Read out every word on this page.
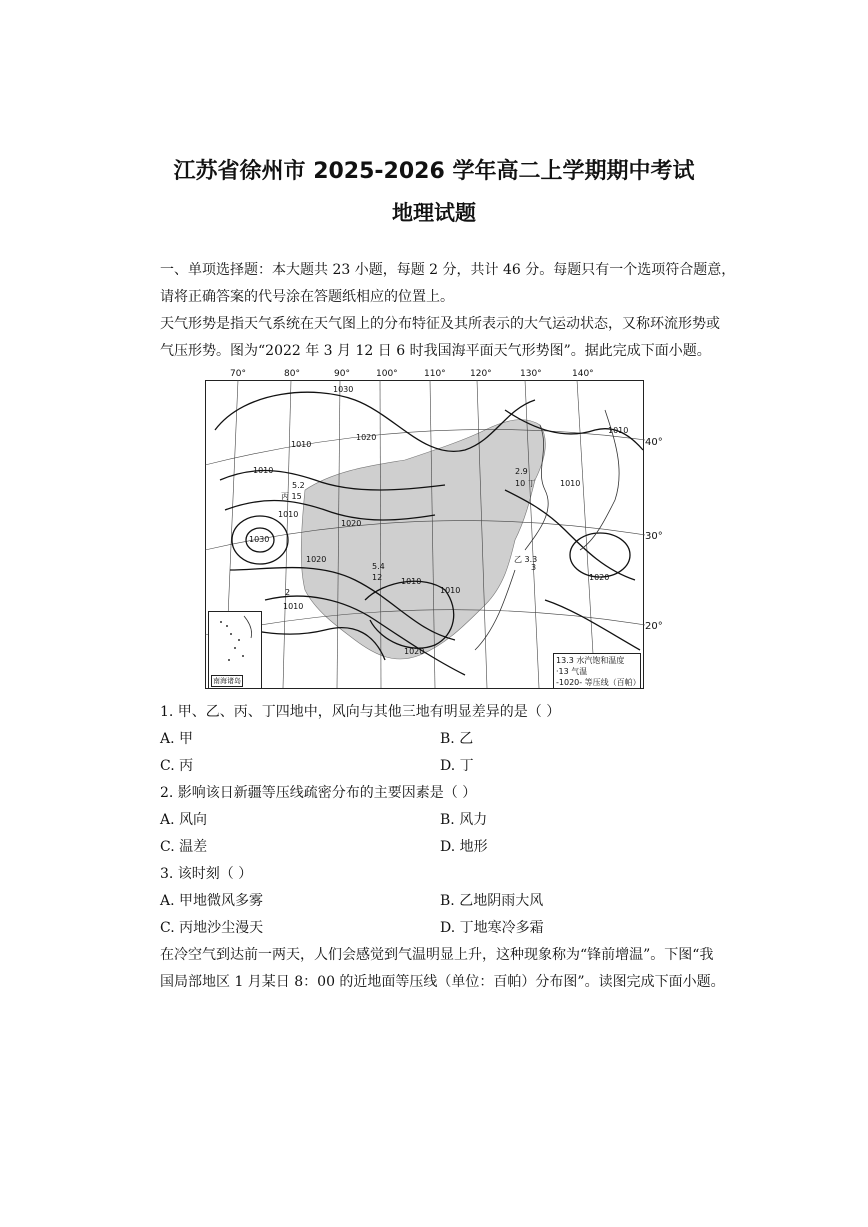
江苏省徐州市 2025-2026 学年高二上学期期中考试
地理试题
一、单项选择题：本大题共 23 小题，每题 2 分，共计 46 分。每题只有一个选项符合题意，
请将正确答案的代号涂在答题纸相应的位置上。
天气形势是指天气系统在天气图上的分布特征及其所表示的大气运动状态，又称环流形势或
气压形势。图为“2022 年 3 月 12 日 6 时我国海平面天气形势图”。据此完成下面小题。
70°	80°	90°	100°	110°	120°	130°	140°
40°
30°
20°
1030
1020
1010
1010
5.2
丙 15
1010
1020
1030
1020
2.9
10 丁
1010
乙 3.3
3
5.4
12
1010
1020
1010
2
1010
1010
1020
南海诸岛
13.3 水汽饱和温度
·13 气温
-1020- 等压线（百帕）
1. 甲、乙、丙、丁四地中，风向与其他三地有明显差异的是（ ）
A. 甲	B. 乙
C. 丙	D. 丁
2. 影响该日新疆等压线疏密分布的主要因素是（ ）
A. 风向	B. 风力
C. 温差	D. 地形
3. 该时刻（ ）
A. 甲地微风多雾	B. 乙地阴雨大风
C. 丙地沙尘漫天	D. 丁地寒冷多霜
在冷空气到达前一两天，人们会感觉到气温明显上升，这种现象称为“锋前增温”。下图“我
国局部地区 1 月某日 8：00 的近地面等压线（单位：百帕）分布图”。读图完成下面小题。
